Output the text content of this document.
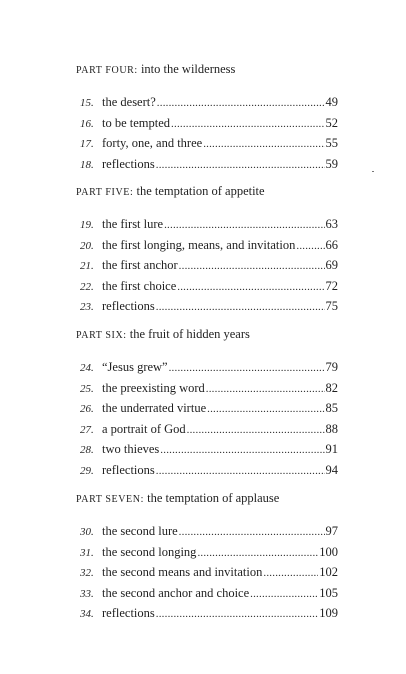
PART FOUR: into the wilderness
15. the desert? .....	49
16. to be tempted .....	52
17. forty, one, and three .....	55
18. reflections .....	59
PART FIVE: the temptation of appetite
19. the first lure .....	63
20. the first longing, means, and invitation ..... 66
21. the first anchor .....	69
22. the first choice .....	72
23. reflections .....	75
PART SIX: the fruit of hidden years
24. “Jesus grew” .....	79
25. the preexisting word .....	82
26. the underrated virtue .....	85
27. a portrait of God .....	88
28. two thieves .....	91
29. reflections .....	94
PART SEVEN: the temptation of applause
30. the second lure .....	97
31. the second longing .....	100
32. the second means and invitation .....	102
33. the second anchor and choice .....	105
34. reflections .....	109
